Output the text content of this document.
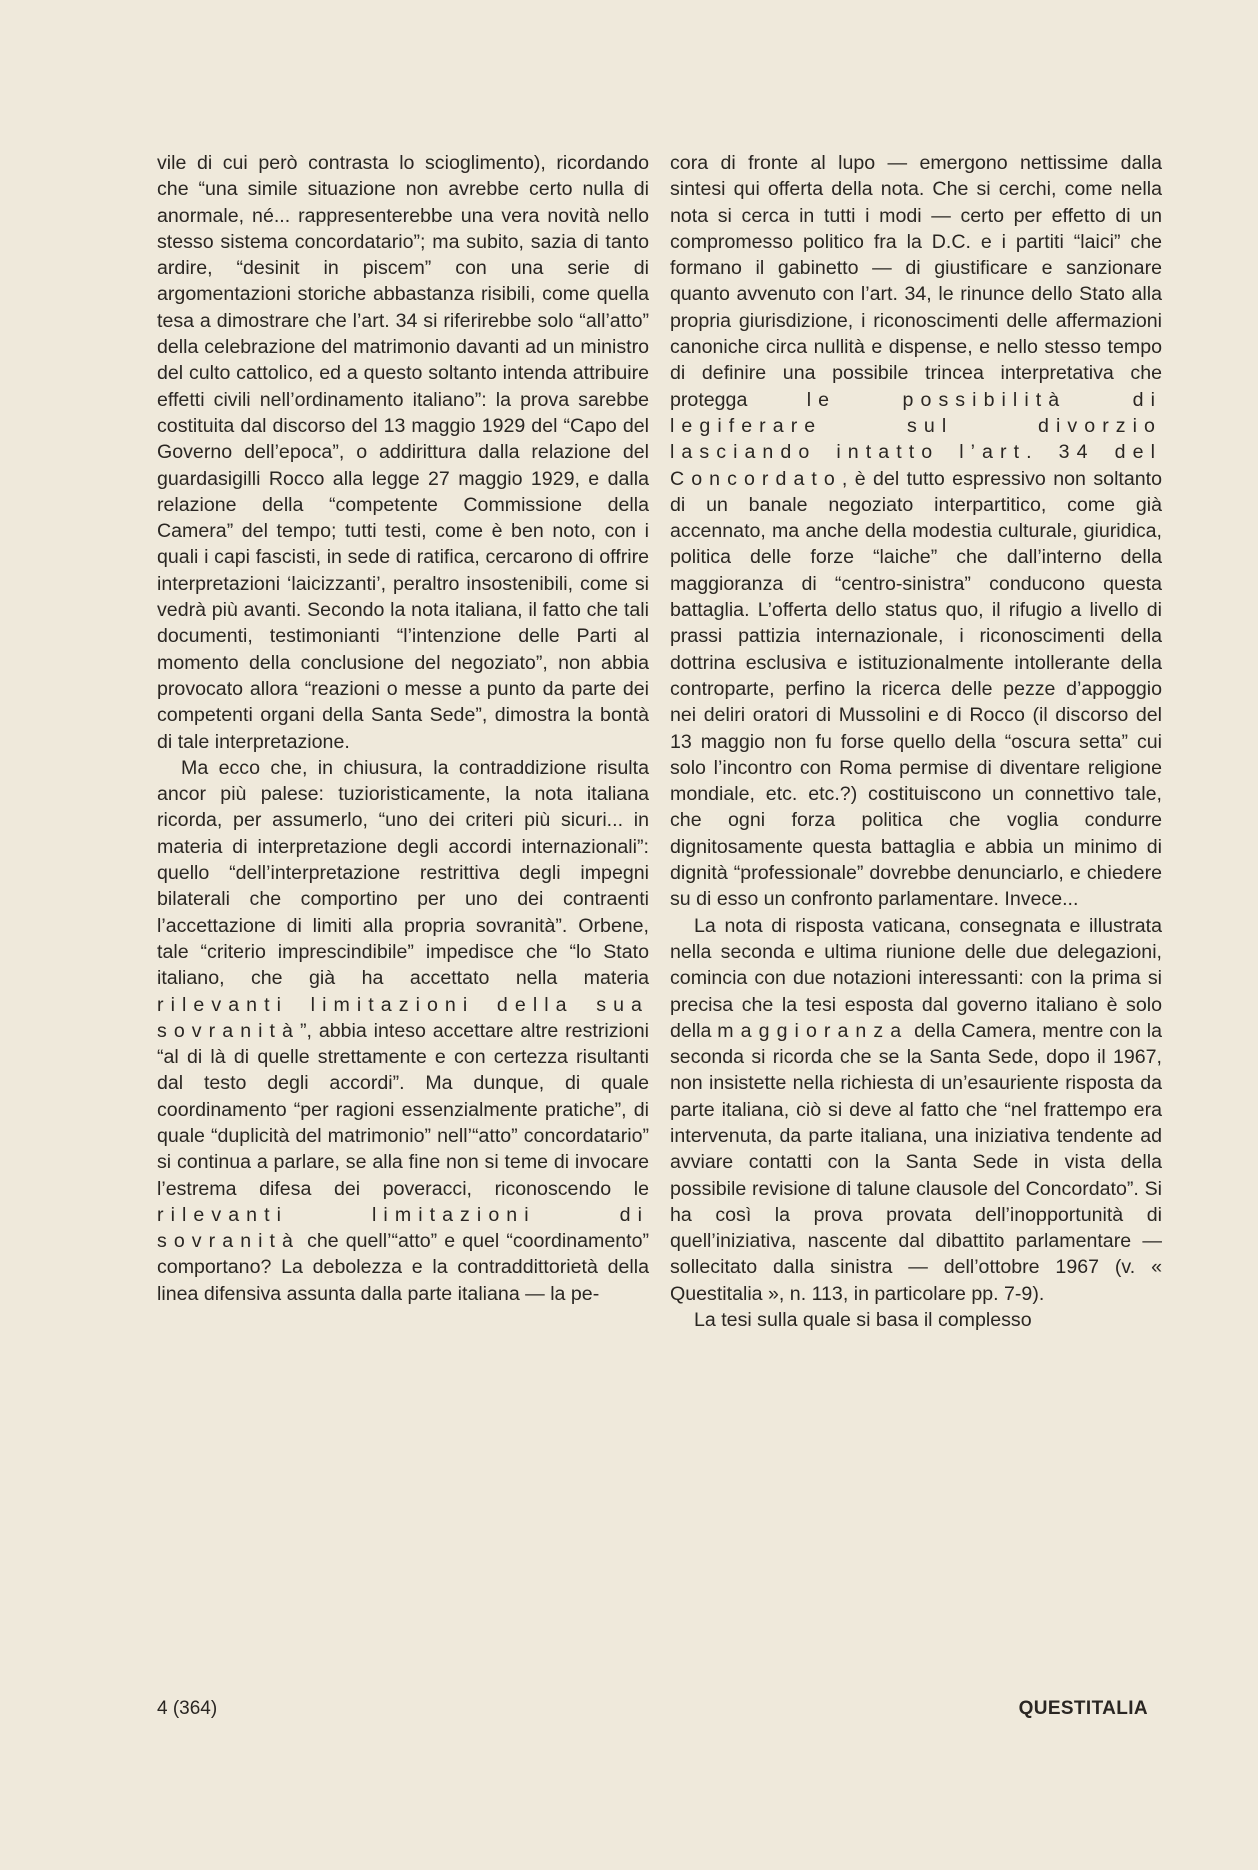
vile di cui però contrasta lo scioglimento), ricordando che “una simile situazione non avrebbe certo nulla di anormale, né... rappresenterebbe una vera novità nello stesso sistema concordatario”; ma subito, sazia di tanto ardire, “desinit in piscem” con una serie di argomentazioni storiche abbastanza risibili, come quella tesa a dimostrare che l’art. 34 si riferirebbe solo “all’atto” della celebrazione del matrimonio davanti ad un ministro del culto cattolico, ed a questo soltanto intenda attribuire effetti civili nell’ordinamento italiano”: la prova sarebbe costituita dal discorso del 13 maggio 1929 del “Capo del Governo dell’epoca”, o addirittura dalla relazione del guardasigilli Rocco alla legge 27 maggio 1929, e dalla relazione della “competente Commissione della Camera” del tempo; tutti testi, come è ben noto, con i quali i capi fascisti, in sede di ratifica, cercarono di offrire interpretazioni ‘laicizzanti’, peraltro insostenibili, come si vedrà più avanti. Secondo la nota italiana, il fatto che tali documenti, testimonianti “l’intenzione delle Parti al momento della conclusione del negoziato”, non abbia provocato allora “reazioni o messe a punto da parte dei competenti organi della Santa Sede”, dimostra la bontà di tale interpretazione.

Ma ecco che, in chiusura, la contraddizione risulta ancor più palese: tuzioristicamente, la nota italiana ricorda, per assumerlo, “uno dei criteri più sicuri... in materia di interpretazione degli accordi internazionali”: quello “dell’interpretazione restrittiva degli impegni bilaterali che comportino per uno dei contraenti l’accettazione di limiti alla propria sovranità”. Orbene, tale “criterio imprescindibile” impedisce che “lo Stato italiano, che già ha accettato nella materia rilevanti limitazioni della sua sovranità”, abbia inteso accettare altre restrizioni “al di là di quelle strettamente e con certezza risultanti dal testo degli accordi”. Ma dunque, di quale coordinamento “per ragioni essenzialmente pratiche”, di quale “duplicità del matrimonio” nell’“atto” concordatario” si continua a parlare, se alla fine non si teme di invocare l’estrema difesa dei poveracci, riconoscendo le rilevanti limitazioni di sovranità che quell’“atto” e quel “coordinamento” comportano? La debolezza e la contraddittorietà della linea difensiva assunta dalla parte italiana — la pe-

cora di fronte al lupo — emergono nettissime dalla sintesi qui offerta della nota. Che si cerchi, come nella nota si cerca in tutti i modi — certo per effetto di un compromesso politico fra la D.C. e i partiti “laici” che formano il gabinetto — di giustificare e sanzionare quanto avvenuto con l’art. 34, le rinunce dello Stato alla propria giurisdizione, i riconoscimenti delle affermazioni canoniche circa nullità e dispense, e nello stesso tempo di definire una possibile trincea interpretativa che protegga	le possibilità di legiferare sul divorzio lasciando intatto l’art. 34 del Concordato, è del tutto espressivo non soltanto di un banale negoziato interpartitico, come già accennato, ma anche della modestia culturale, giuridica, politica delle forze “laiche” che dall’interno della maggioranza di “centro-sinistra” conducono questa battaglia. L’offerta dello status quo, il rifugio a livello di prassi pattizia internazionale, i riconoscimenti della dottrina esclusiva e istituzionalmente intollerante della controparte, perfino la ricerca delle pezze d’appoggio nei deliri oratori di Mussolini e di Rocco (il discorso del 13 maggio non fu forse quello della “oscura setta” cui solo l’incontro con Roma permise di diventare religione mondiale, etc. etc.?) costituiscono un connettivo tale, che ogni forza politica che voglia condurre dignitosamente questa battaglia e abbia un minimo di dignità “professionale” dovrebbe denunciarlo, e chiedere su di esso un confronto parlamentare. Invece...

La nota di risposta vaticana, consegnata e illustrata nella seconda e ultima riunione delle due delegazioni, comincia con due notazioni interessanti: con la prima si precisa che la tesi esposta dal governo italiano è solo della maggioranza della Camera, mentre con la seconda si ricorda che se la Santa Sede, dopo il 1967, non insistette nella richiesta di un’esauriente risposta da parte italiana, ciò si deve al fatto che “nel frattempo era intervenuta, da parte italiana, una iniziativa tendente ad avviare contatti con la Santa Sede in vista della possibile revisione di talune clausole del Concordato”. Si ha così la prova provata dell’inopportunità di quell’iniziativa, nascente dal dibattito parlamentare — sollecitato dalla sinistra — dell’ottobre 1967 (v. « Questitalia », n. 113, in particolare pp. 7-9).

La tesi sulla quale si basa il complesso

4 (364)	QUESTITALIA
